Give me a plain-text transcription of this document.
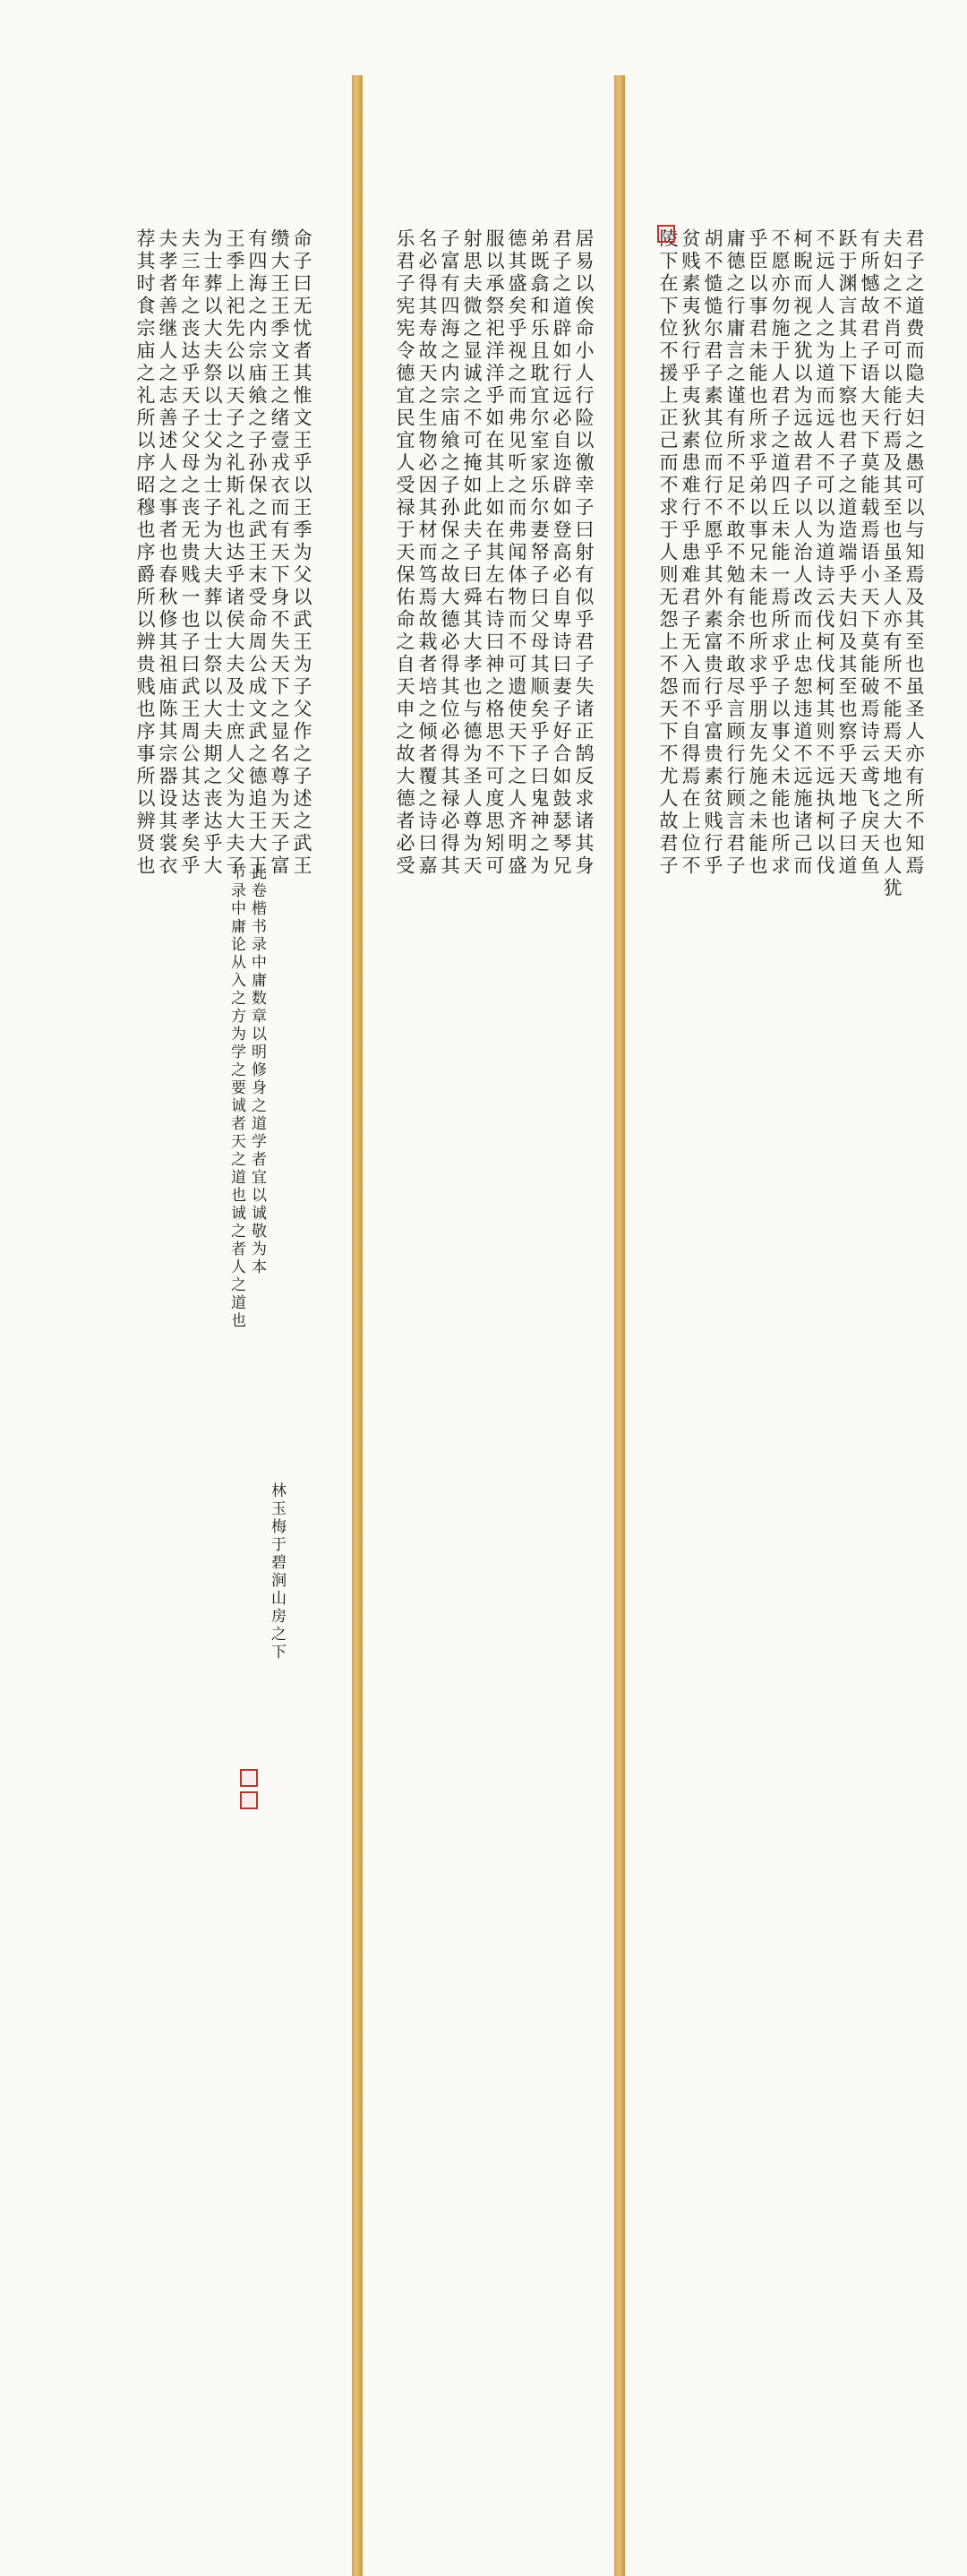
君子之道费而隐夫妇之愚可以与知焉及其至也虽圣人亦有所不知焉
夫妇之不肖可以能行焉及其至也虽圣人亦有所不能焉天地之大也人犹
有所憾故君子语大天下莫能载焉语小天下莫能破焉诗云鸢飞戾天鱼
跃于渊言其上下察也君子之道造端乎夫妇及其至也察乎天地子曰道
不远人人之为道而远人不可以为道诗云伐柯伐柯其则不远执柯以伐
柯睨而视之犹以为远故君子以人治人改而止忠恕违道不远施诸己而
不愿亦勿施于人君子之道四丘未能一焉所求乎子以事父未能也所求
乎臣以事君未能也所求乎弟以事兄未能也所求乎朋友先施之未能也
庸德之行庸言之谨有所不足不敢不勉有余不敢尽言顾行行顾言君子
胡不慥慥尔君子素其位而行不愿乎其外素富贵行乎富贵素贫贱行乎
贫贱素夷狄行乎夷狄素患难行乎患难君子无入而不自得焉在上位不
陵下在下位不援上正己而不求于人则无怨上不怨天下不尤人故君子
居易以俟命小人行险以徼幸子曰射有似乎君子失诸正鹄反求诸其身
君子之道辟如行远必自迩辟如登高必自卑诗曰妻子好合如鼓瑟琴兄
弟既翕和乐且耽宜尔室家乐尔妻帑子曰父母其顺矣乎子曰鬼神之为
德其盛矣乎视之而弗见听之而弗闻体物而不可遗使天下之人齐明盛
服以承祭祀洋洋乎如在其上如在其左右诗曰神之格思不可度思矧可
射思夫微之显诚之不可掩如此夫子曰舜其大孝也与德为圣人尊为天
子富有四海之内宗庙飨之子孙保之故大德必得其位必得其禄必得其
名必得其寿故天之生物必因其材而笃焉故栽者培之倾者覆之诗曰嘉
乐君子宪宪令德宜民宜人受禄于天保佑命之自天申之故大德者必受
命子曰无忧者其惟文王乎以王季为父以武王为子父作之子述之武王
缵大王王季文王之绪壹戎衣而有天下身不失天下之显名尊为天子富
有四海之内宗庙飨之子孙保之武王末受命周公成文武之德追王大王
王季上祀先公以天子之礼斯礼也达乎诸侯大夫及士庶人父为大夫子
为士葬以大夫祭以士父为士子为大夫葬以士祭以大夫期之丧达乎大
夫三年之丧达乎天子父母之丧无贵贱一也子曰武王周公其达孝矣乎
夫孝者善继人之志善述人之事者也春秋修其祖庙陈其宗器设其裳衣
荐其时食宗庙之礼所以序昭穆也序爵所以辨贵贱也序事所以辨贤也
节录中庸论从入之方为学之要诚者天之道也诚之者人之道也 此卷楷书录中庸数章以明修身之道学者宜以诚敬为本
林玉梅于碧涧山房之下
